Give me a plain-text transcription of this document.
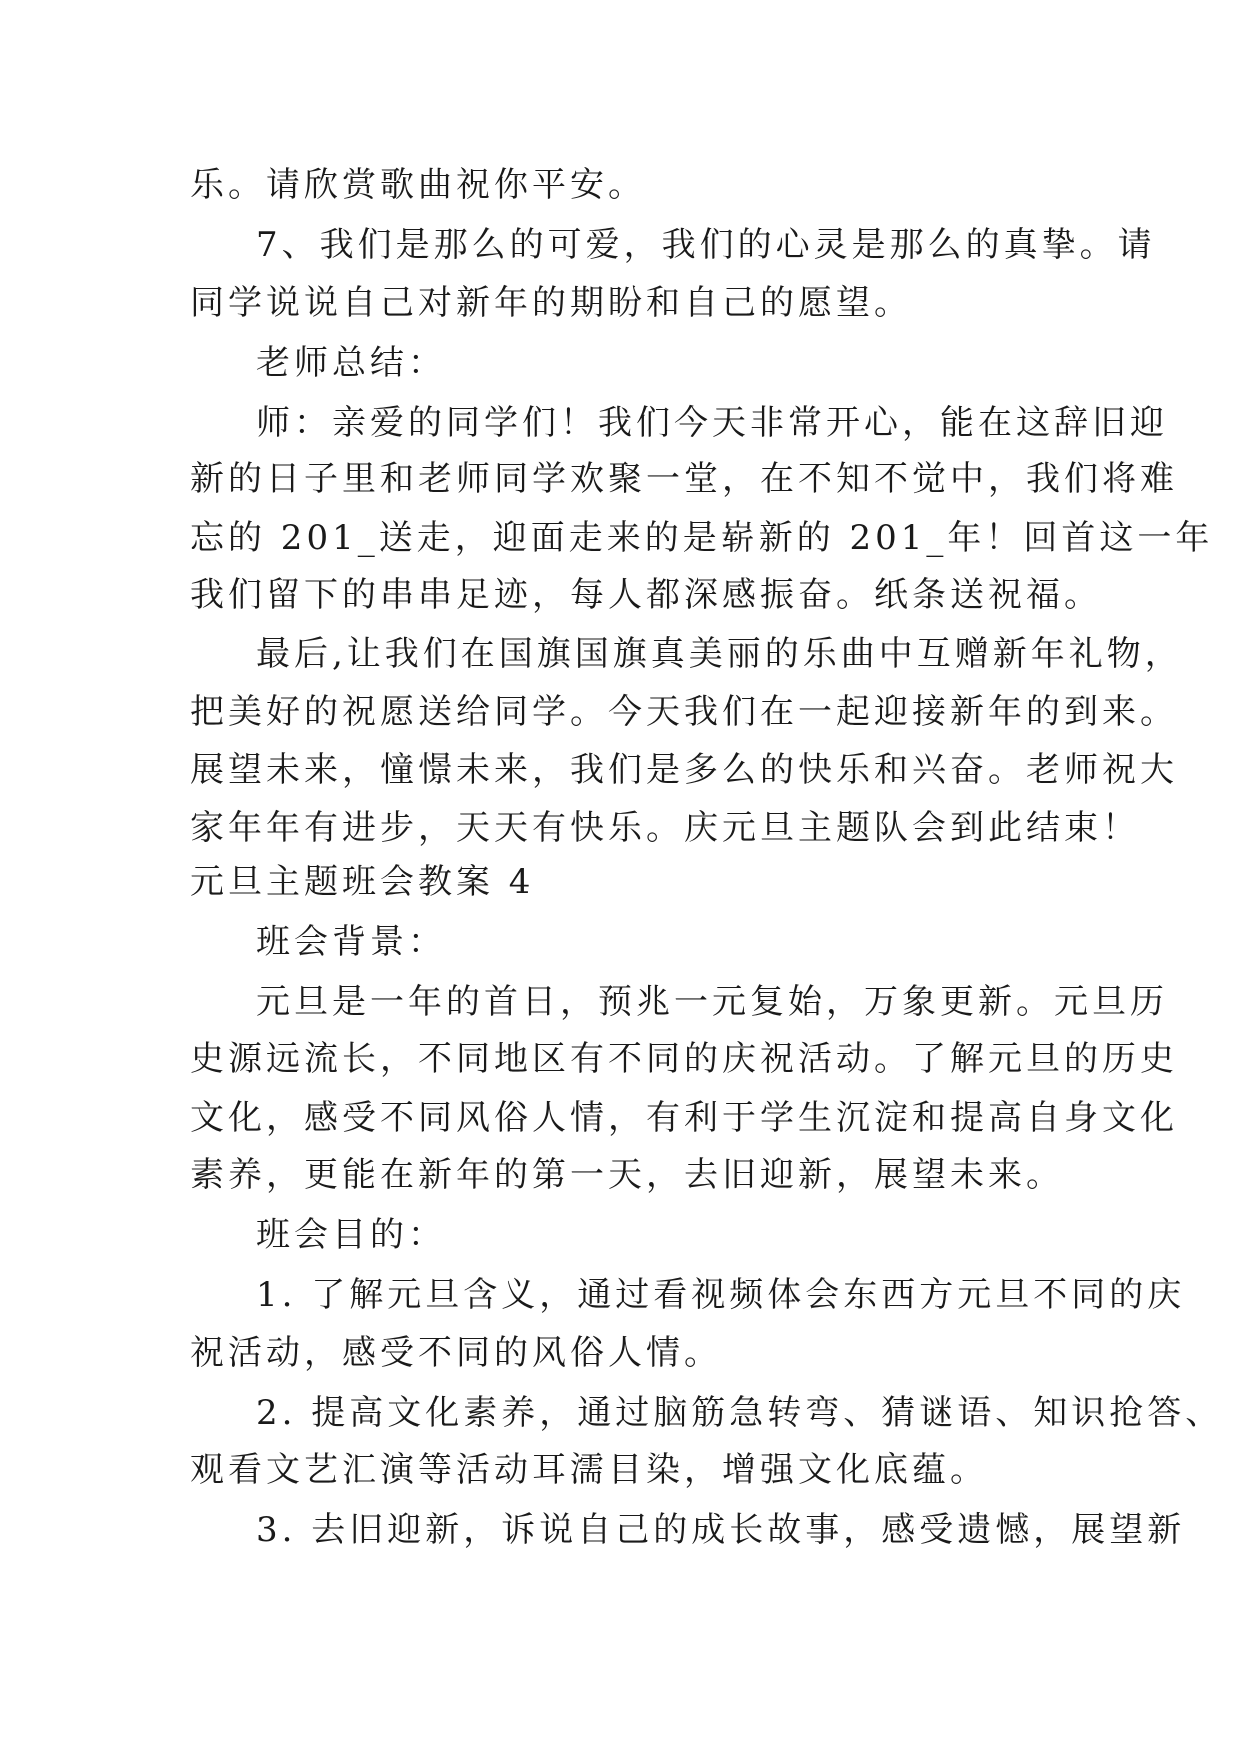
乐。请欣赏歌曲祝你平安。
7、我们是那么的可爱，我们的心灵是那么的真挚。请
同学说说自己对新年的期盼和自己的愿望。
老师总结：
师：亲爱的同学们！我们今天非常开心，能在这辞旧迎
新的日子里和老师同学欢聚一堂，在不知不觉中，我们将难
忘的 201_送走，迎面走来的是崭新的 201_年！回首这一年
我们留下的串串足迹，每人都深感振奋。纸条送祝福。
最后,让我们在国旗国旗真美丽的乐曲中互赠新年礼物，
把美好的祝愿送给同学。今天我们在一起迎接新年的到来。
展望未来，憧憬未来，我们是多么的快乐和兴奋。老师祝大
家年年有进步，天天有快乐。庆元旦主题队会到此结束！
元旦主题班会教案 4
班会背景：
元旦是一年的首日，预兆一元复始，万象更新。元旦历
史源远流长，不同地区有不同的庆祝活动。了解元旦的历史
文化，感受不同风俗人情，有利于学生沉淀和提高自身文化
素养，更能在新年的第一天，去旧迎新，展望未来。
班会目的：
1. 了解元旦含义，通过看视频体会东西方元旦不同的庆
祝活动，感受不同的风俗人情。
2. 提高文化素养，通过脑筋急转弯、猜谜语、知识抢答、
观看文艺汇演等活动耳濡目染，增强文化底蕴。
3. 去旧迎新，诉说自己的成长故事，感受遗憾，展望新
